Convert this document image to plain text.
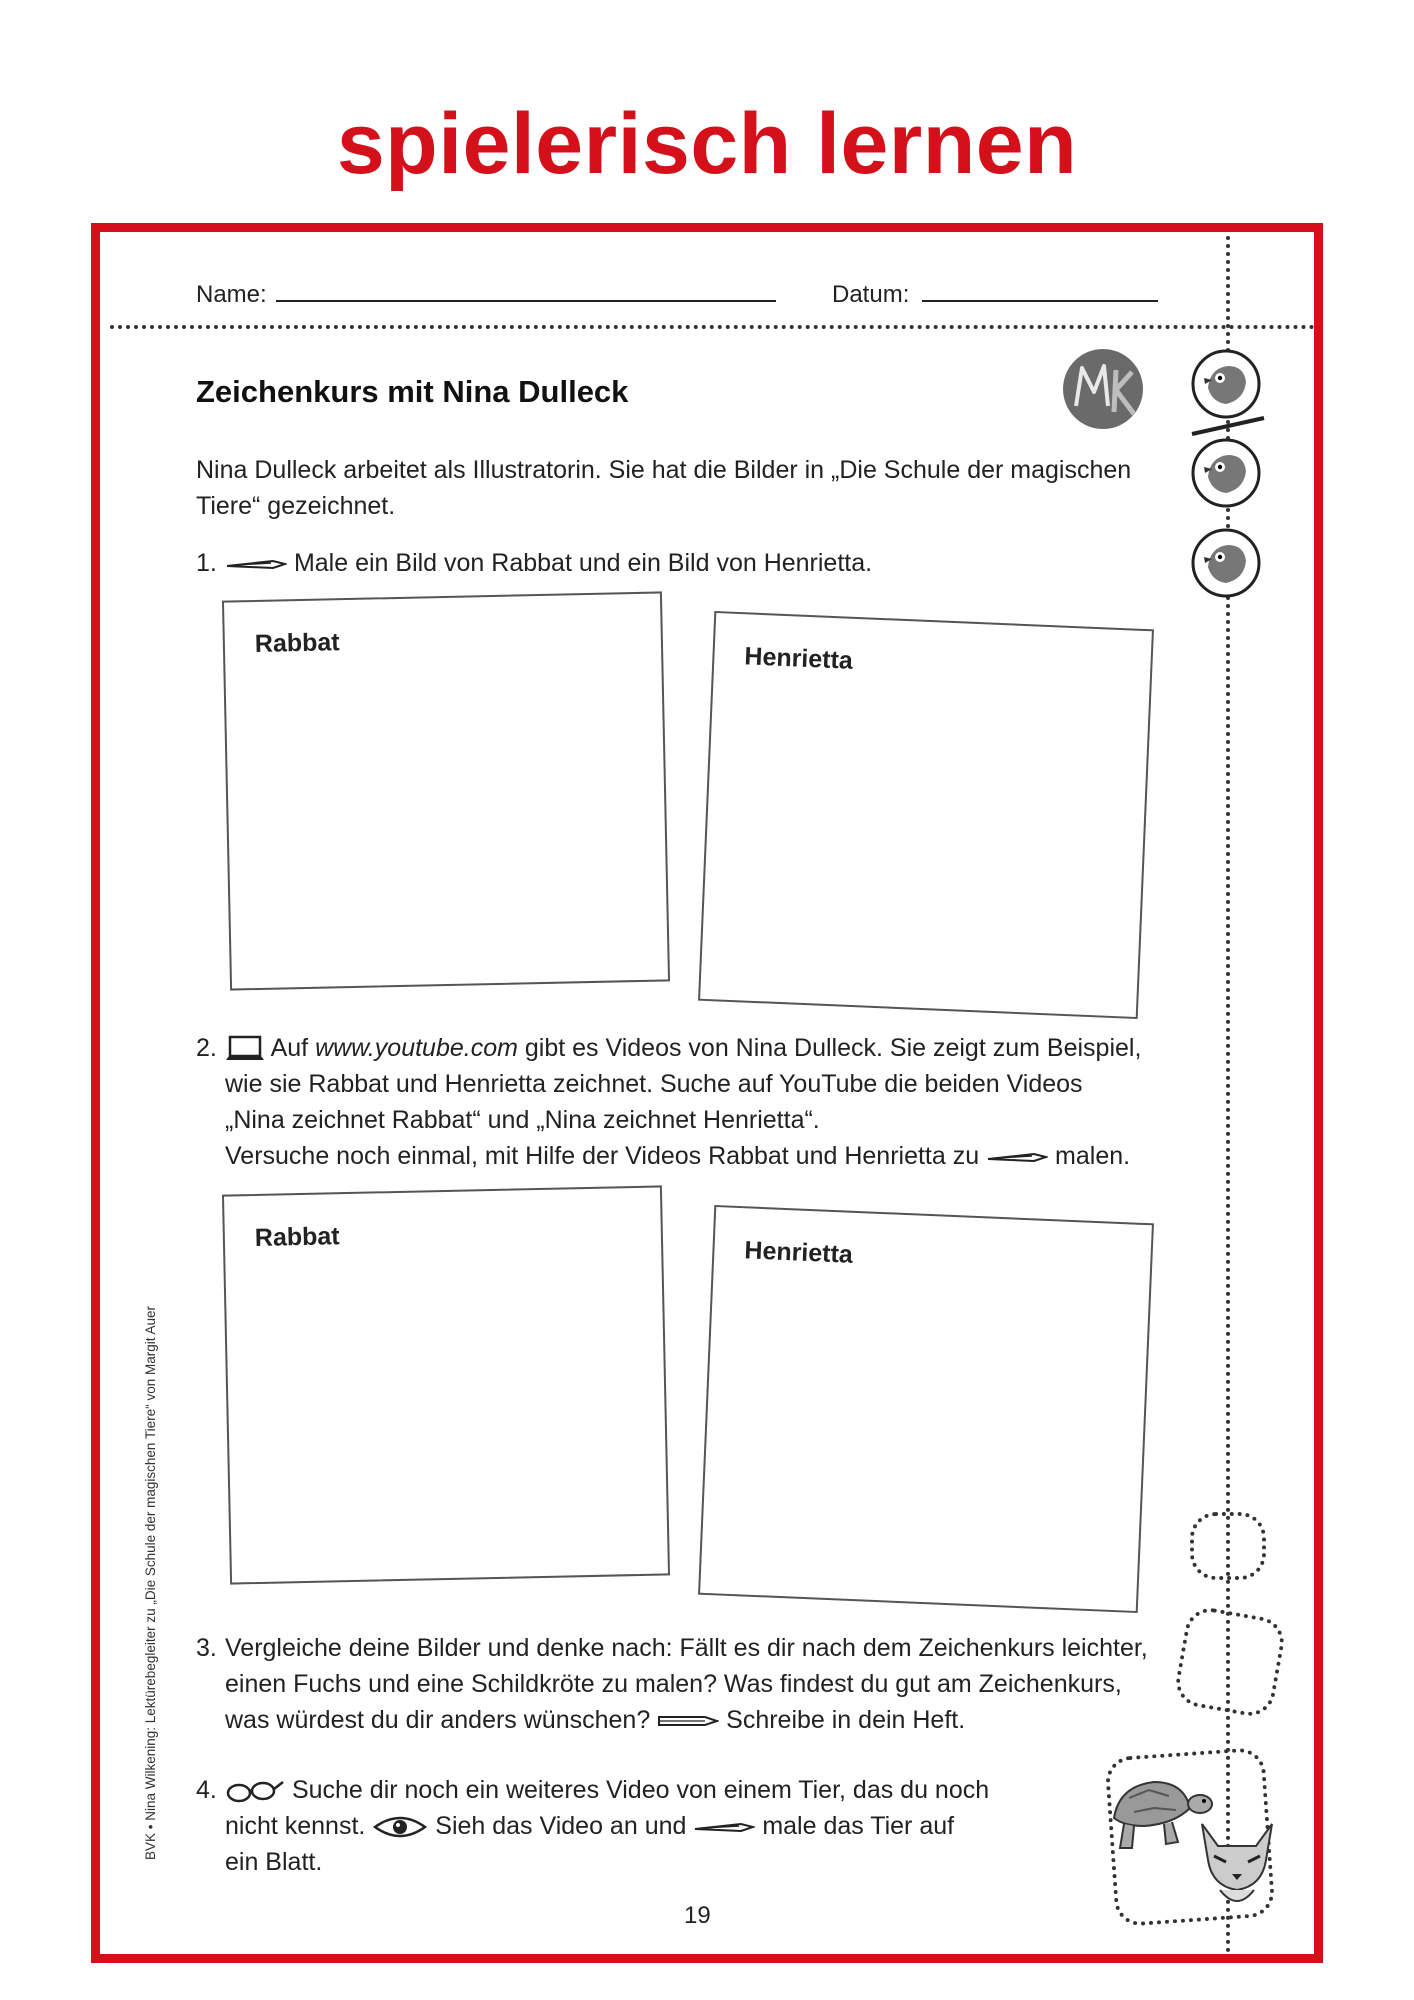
spielerisch lernen
BVK • Nina Wilkening: Lektürebegleiter zu „Die Schule der magischen Tiere“ von Margit Auer
Name:	Datum:
Zeichenkurs mit Nina Dulleck
Nina Dulleck arbeitet als Illustratorin. Sie hat die Bilder in „Die Schule der magischen
Tiere“ gezeichnet.
1.	Male ein Bild von Rabbat und ein Bild von Henrietta.
Rabbat	Henrietta
2.	Auf www.youtube.com gibt es Videos von Nina Dulleck. Sie zeigt zum Beispiel,
wie sie Rabbat und Henrietta zeichnet. Suche auf YouTube die beiden Videos
„Nina zeichnet Rabbat“ und „Nina zeichnet Henrietta“.
Versuche noch einmal, mit Hilfe der Videos Rabbat und Henrietta zu	malen.
Rabbat	Henrietta
3. Vergleiche deine Bilder und denke nach: Fällt es dir nach dem Zeichenkurs leichter,
einen Fuchs und eine Schildkröte zu malen? Was findest du gut am Zeichenkurs,
was würdest du dir anders wünschen?	Schreibe in dein Heft.
4.	Suche dir noch ein weiteres Video von einem Tier, das du noch
nicht kennst.	Sieh das Video an und	male das Tier auf
ein Blatt.
19
